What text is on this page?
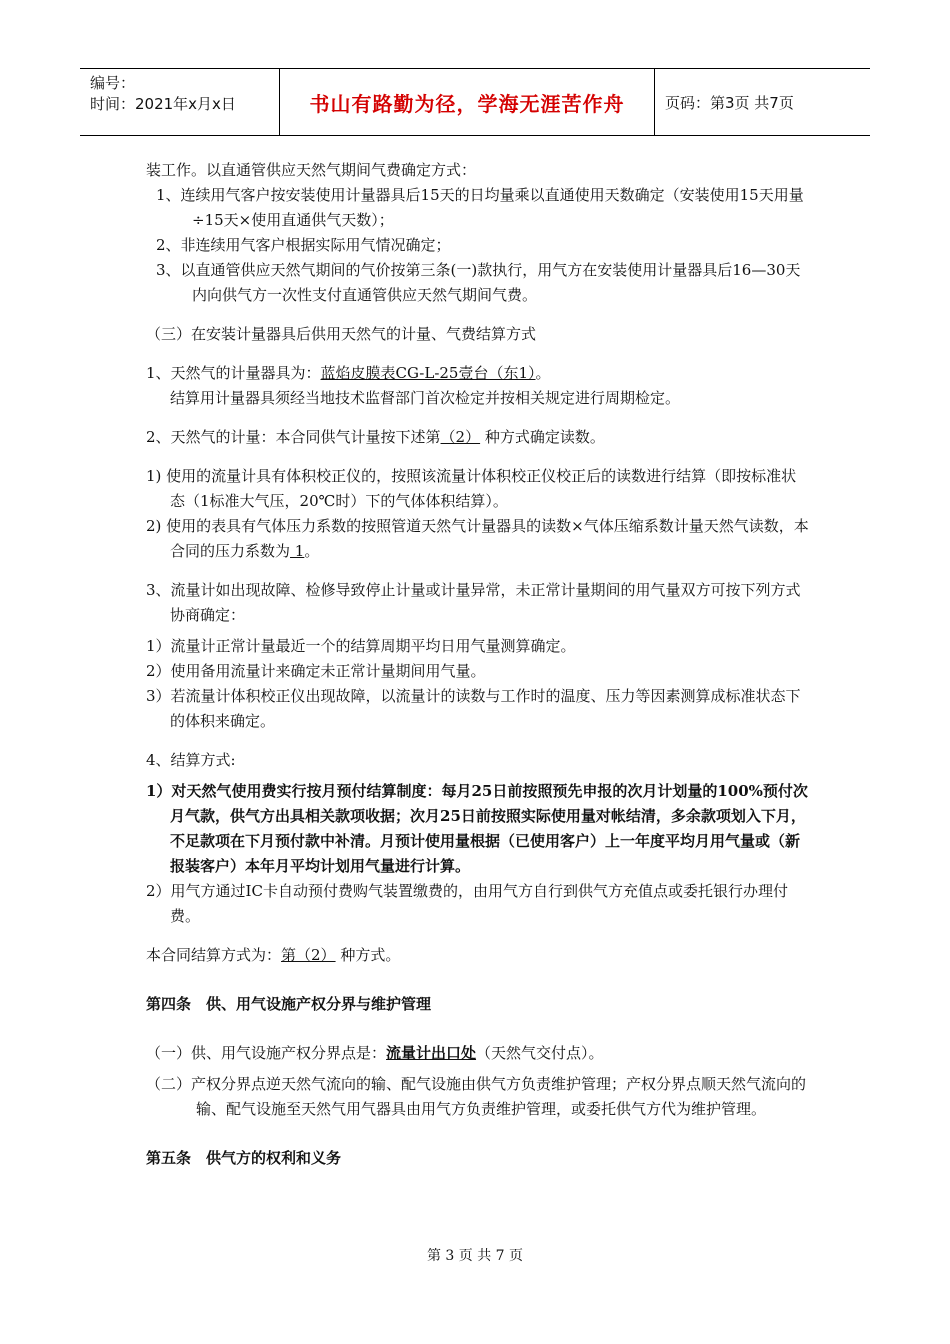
编号：
时间：2021年x月x日	书山有路勤为径，学海无涯苦作舟	页码：第3页 共7页

装工作。以直通管供应天然气期间气费确定方式：

1、连续用气客户按安装使用计量器具后15天的日均量乘以直通使用天数确定（安装使用15天用量÷15天×使用直通供气天数）；

2、非连续用气客户根据实际用气情况确定；

3、以直通管供应天然气期间的气价按第三条(一)款执行，用气方在安装使用计量器具后16—30天内向供气方一次性支付直通管供应天然气期间气费。

（三）在安装计量器具后供用天然气的计量、气费结算方式

1、天然气的计量器具为：蓝焰皮膜表CG-L-25壹台（东1）。

结算用计量器具须经当地技术监督部门首次检定并按相关规定进行周期检定。

2、天然气的计量：本合同供气计量按下述第（2） 种方式确定读数。

1) 使用的流量计具有体积校正仪的，按照该流量计体积校正仪校正后的读数进行结算（即按标准状态（1标准大气压，20℃时）下的气体体积结算）。

2) 使用的表具有气体压力系数的按照管道天然气计量器具的读数×气体压缩系数计量天然气读数，本合同的压力系数为 1。

3、流量计如出现故障、检修导致停止计量或计量异常，未正常计量期间的用气量双方可按下列方式协商确定：

1）流量计正常计量最近一个的结算周期平均日用气量测算确定。

2）使用备用流量计来确定未正常计量期间用气量。

3）若流量计体积校正仪出现故障，以流量计的读数与工作时的温度、压力等因素测算成标准状态下的体积来确定。

4、结算方式:

1）对天然气使用费实行按月预付结算制度：每月25日前按照预先申报的次月计划量的100%预付次月气款，供气方出具相关款项收据；次月25日前按照实际使用量对帐结清，多余款项划入下月，不足款项在下月预付款中补清。月预计使用量根据（已使用客户）上一年度平均月用气量或（新报装客户）本年月平均计划用气量进行计算。

2）用气方通过IC卡自动预付费购气装置缴费的，由用气方自行到供气方充值点或委托银行办理付费。

本合同结算方式为：第（2） 种方式。

第四条　供、用气设施产权分界与维护管理

（一）供、用气设施产权分界点是：流量计出口处（天然气交付点）。

（二）产权分界点逆天然气流向的输、配气设施由供气方负责维护管理；产权分界点顺天然气流向的输、配气设施至天然气用气器具由用气方负责维护管理，或委托供气方代为维护管理。

第五条　供气方的权利和义务

第 3 页 共 7 页
